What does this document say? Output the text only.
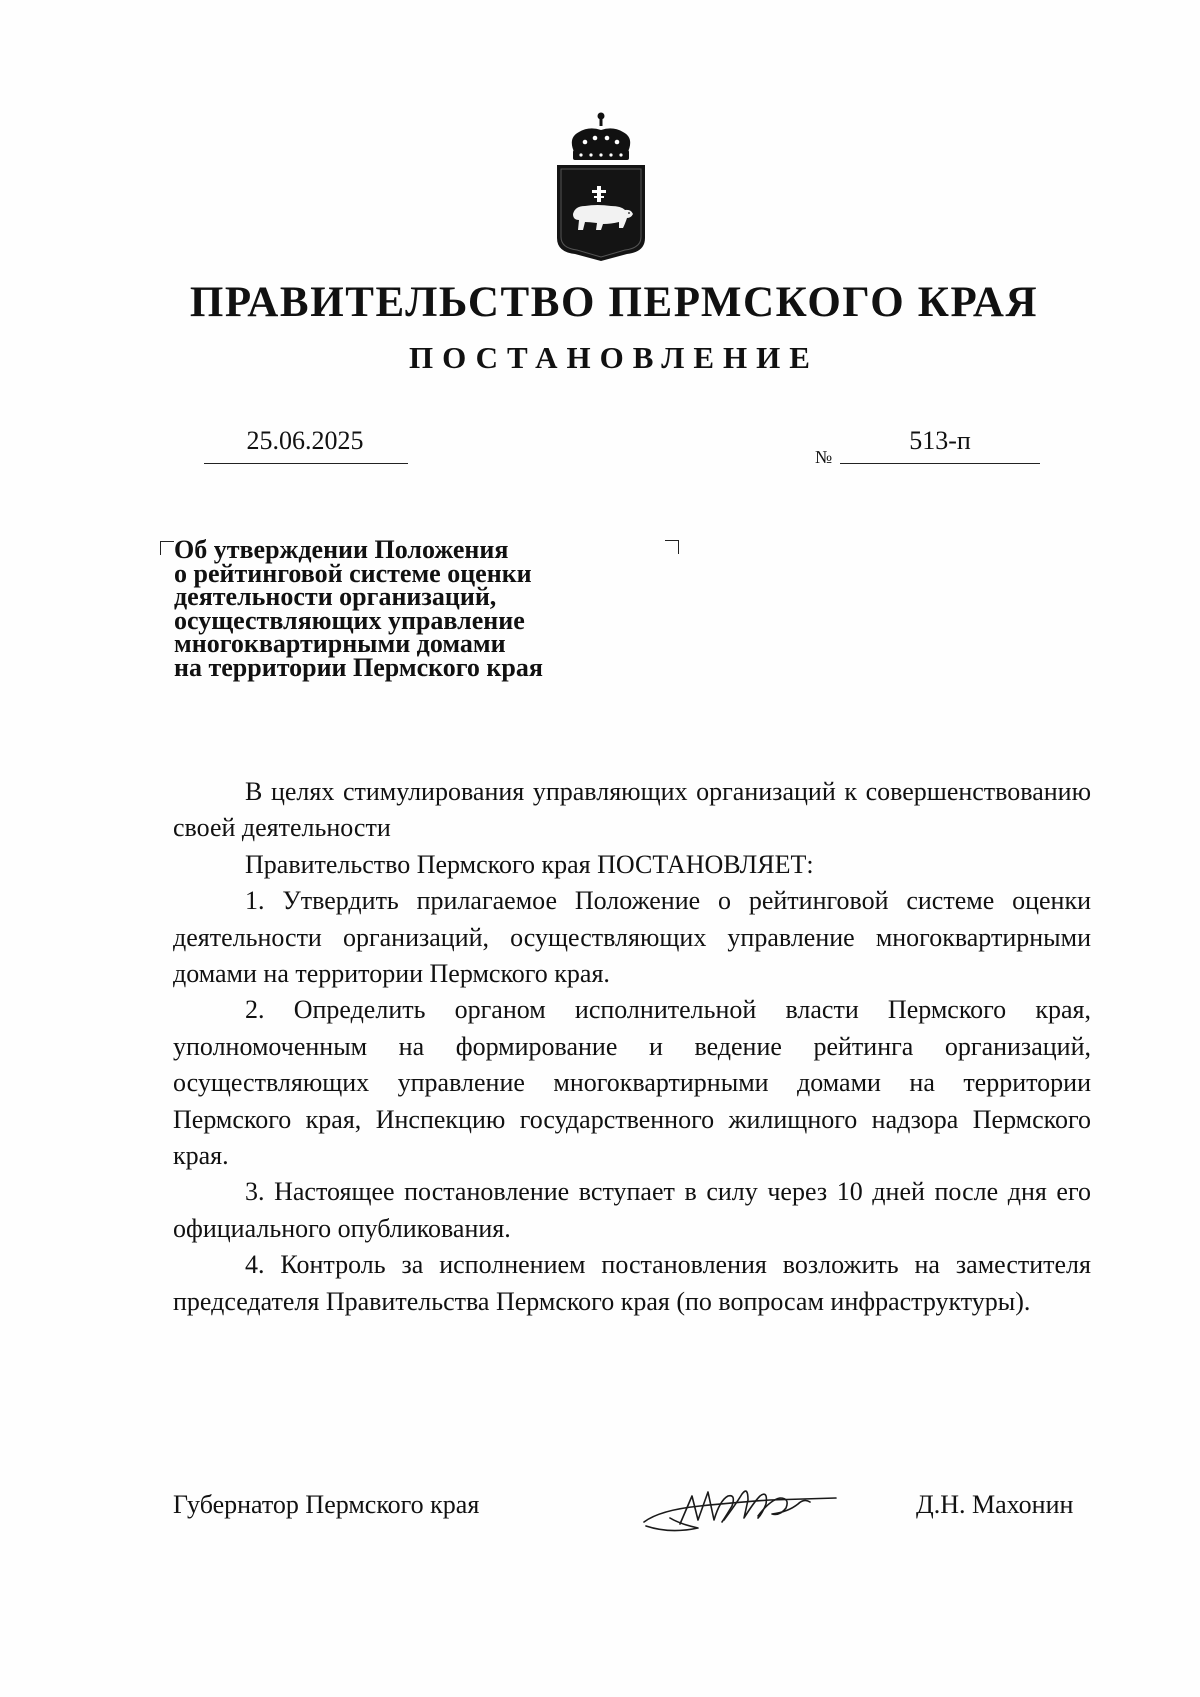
ПРАВИТЕЛЬСТВО ПЕРМСКОГО КРАЯ
ПОСТАНОВЛЕНИЕ
25.06.2025
№
513-п
Об утверждении Положения
о рейтинговой системе оценки
деятельности организаций,
осуществляющих управление
многоквартирными домами
на территории Пермского края

В целях стимулирования управляющих организаций к совершенствованию своей деятельности

Правительство Пермского края ПОСТАНОВЛЯЕТ:

1. Утвердить прилагаемое Положение о рейтинговой системе оценки деятельности организаций, осуществляющих управление многоквартирными домами на территории Пермского края.

2. Определить органом исполнительной власти Пермского края, уполномоченным на формирование и ведение рейтинга организаций, осуществляющих управление многоквартирными домами на территории Пермского края, Инспекцию государственного жилищного надзора Пермского края.

3. Настоящее постановление вступает в силу через 10 дней после дня его официального опубликования.

4. Контроль за исполнением постановления возложить на заместителя председателя Правительства Пермского края (по вопросам инфраструктуры).

Губернатор Пермского края	Д.Н. Махонин
